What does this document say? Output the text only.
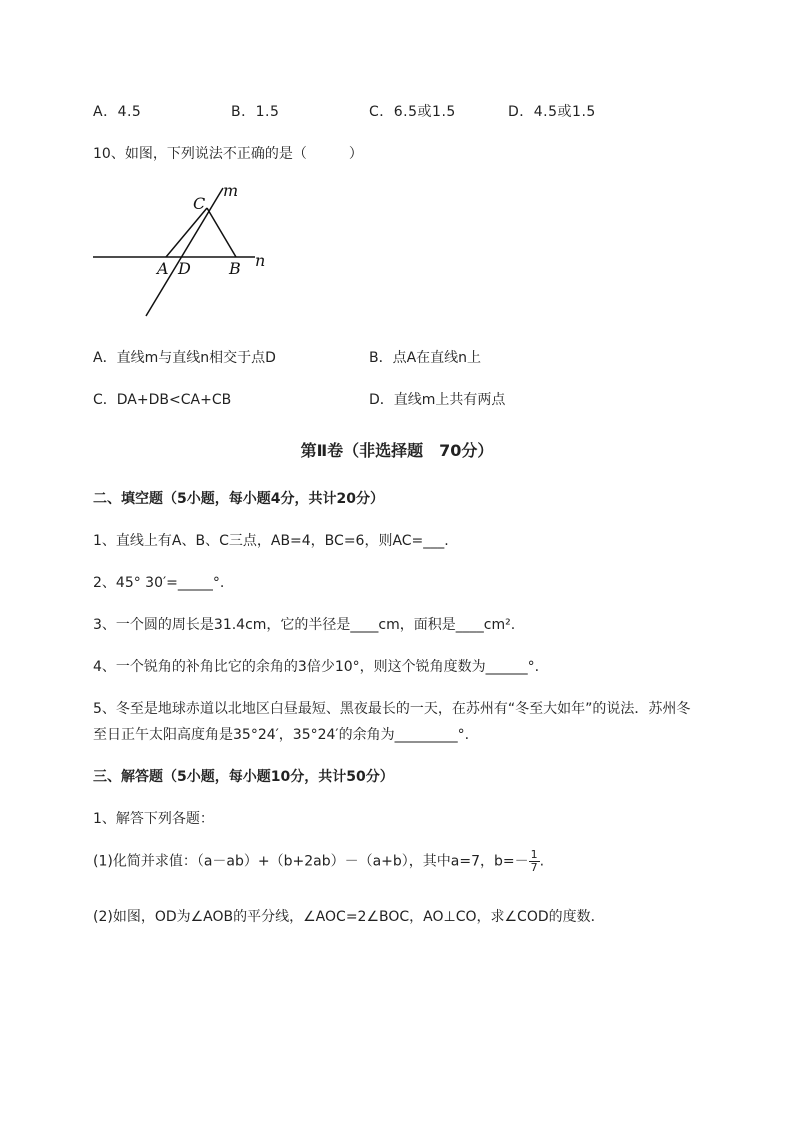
A．4.5	B．1.5	C．6.5或1.5	D．4.5或1.5
10、如图，下列说法不正确的是（　　　）
C
m
A D B n
A．直线m与直线n相交于点D	B．点A在直线n上
C．DA+DB<CA+CB	D．直线m上共有两点
第Ⅱ卷（非选择题　70分）
二、填空题（5小题，每小题4分，共计20分）
1、直线上有A、B、C三点，AB=4，BC=6，则AC=___.
2、45° 30′=_____°.
3、一个圆的周长是31.4cm，它的半径是____cm，面积是____cm².
4、一个锐角的补角比它的余角的3倍少10°，则这个锐角度数为______°.
5、冬至是地球赤道以北地区白昼最短、黑夜最长的一天，在苏州有“冬至大如年”的说法．苏州冬
至日正午太阳高度角是35°24′，35°24′的余角为_________°.
三、解答题（5小题，每小题10分，共计50分）
1、解答下列各题：
(1)化简并求值：（a－ab）+（b+2ab）－（a+b），其中a=7，$b=- \frac{1}{7}$ .
(2)如图，OD为∠AOB的平分线，∠AOC=2∠BOC，AO⊥CO，求∠COD的度数．
